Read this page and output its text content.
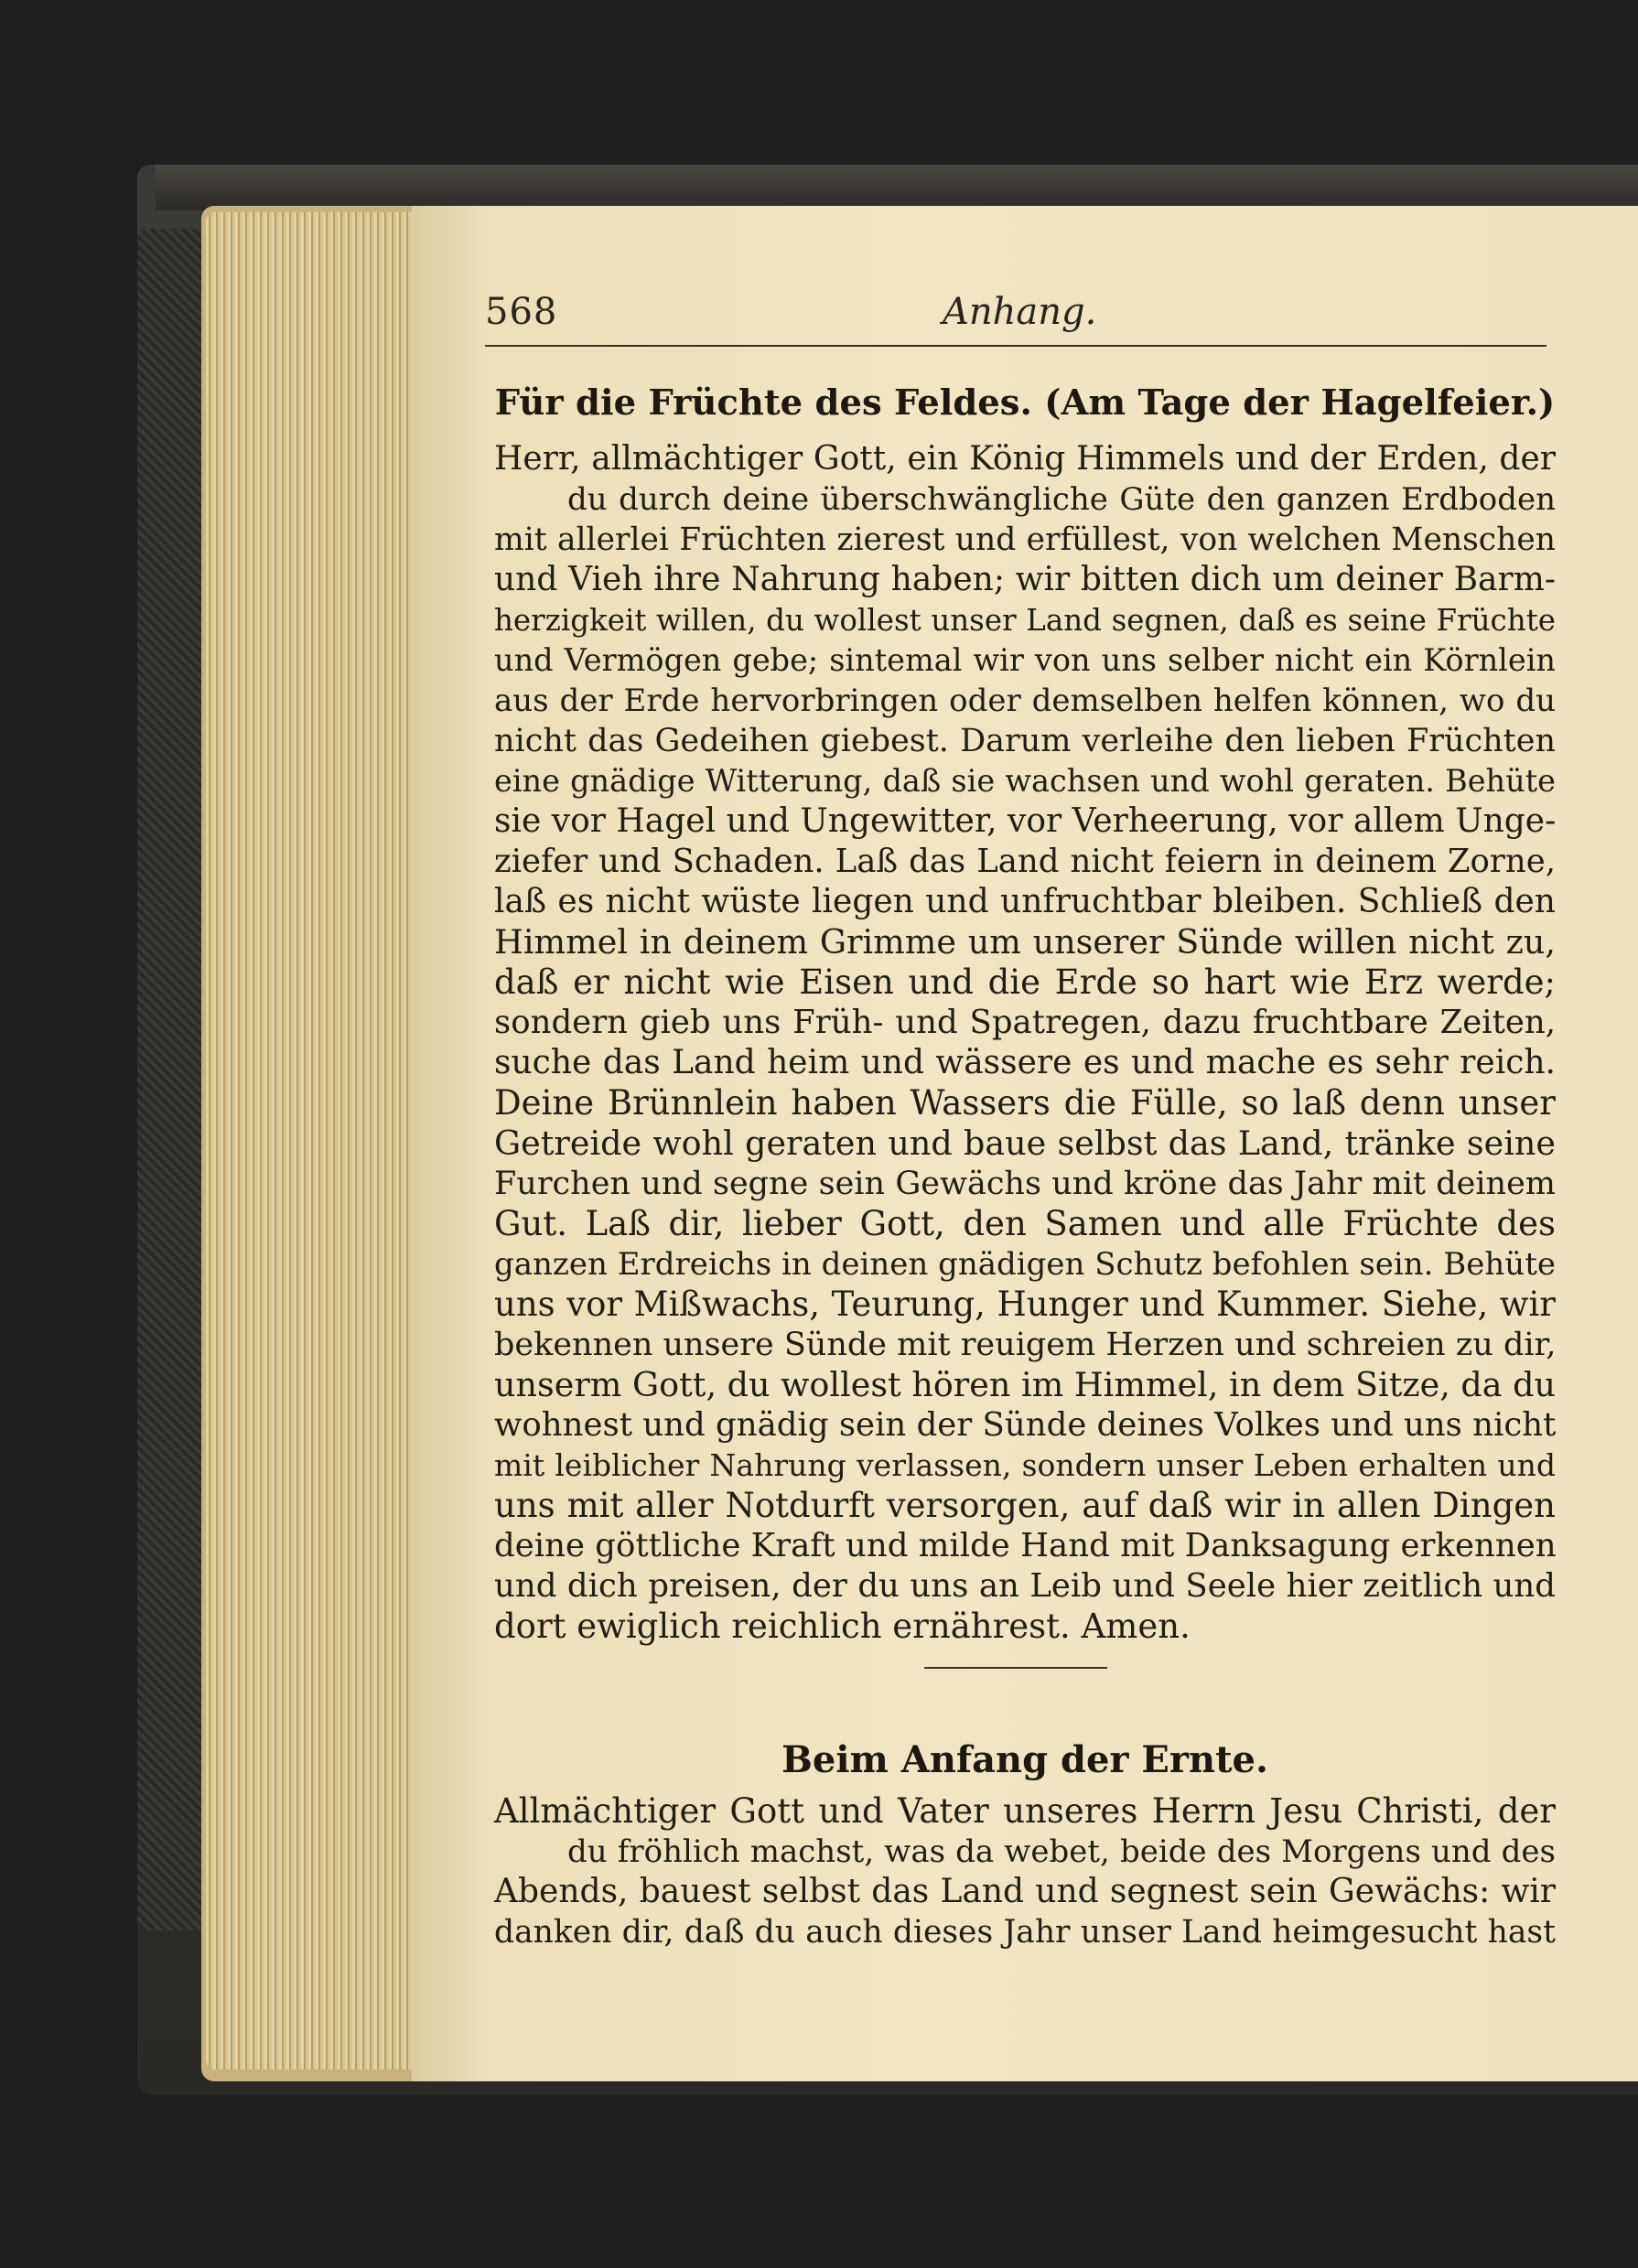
568	Anhang.
Für die Früchte des Feldes. (Am Tage der Hagelfeier.)
Herr, allmächtiger Gott, ein König Himmels und der Erden, der
du durch deine überschwängliche Güte den ganzen Erdboden
mit allerlei Früchten zierest und erfüllest, von welchen Menschen
und Vieh ihre Nahrung haben; wir bitten dich um deiner Barm-
herzigkeit willen, du wollest unser Land segnen, daß es seine Früchte
und Vermögen gebe; sintemal wir von uns selber nicht ein Körnlein
aus der Erde hervorbringen oder demselben helfen können, wo du
nicht das Gedeihen giebest. Darum verleihe den lieben Früchten
eine gnädige Witterung, daß sie wachsen und wohl geraten. Behüte
sie vor Hagel und Ungewitter, vor Verheerung, vor allem Unge-
ziefer und Schaden. Laß das Land nicht feiern in deinem Zorne,
laß es nicht wüste liegen und unfruchtbar bleiben. Schließ den
Himmel in deinem Grimme um unserer Sünde willen nicht zu,
daß er nicht wie Eisen und die Erde so hart wie Erz werde;
sondern gieb uns Früh- und Spatregen, dazu fruchtbare Zeiten,
suche das Land heim und wässere es und mache es sehr reich.
Deine Brünnlein haben Wassers die Fülle, so laß denn unser
Getreide wohl geraten und baue selbst das Land, tränke seine
Furchen und segne sein Gewächs und kröne das Jahr mit deinem
Gut. Laß dir, lieber Gott, den Samen und alle Früchte des
ganzen Erdreichs in deinen gnädigen Schutz befohlen sein. Behüte
uns vor Mißwachs, Teurung, Hunger und Kummer. Siehe, wir
bekennen unsere Sünde mit reuigem Herzen und schreien zu dir,
unserm Gott, du wollest hören im Himmel, in dem Sitze, da du
wohnest und gnädig sein der Sünde deines Volkes und uns nicht
mit leiblicher Nahrung verlassen, sondern unser Leben erhalten und
uns mit aller Notdurft versorgen, auf daß wir in allen Dingen
deine göttliche Kraft und milde Hand mit Danksagung erkennen
und dich preisen, der du uns an Leib und Seele hier zeitlich und
dort ewiglich reichlich ernährest. Amen.
Beim Anfang der Ernte.
Allmächtiger Gott und Vater unseres Herrn Jesu Christi, der
du fröhlich machst, was da webet, beide des Morgens und des
Abends, bauest selbst das Land und segnest sein Gewächs: wir
danken dir, daß du auch dieses Jahr unser Land heimgesucht hast
